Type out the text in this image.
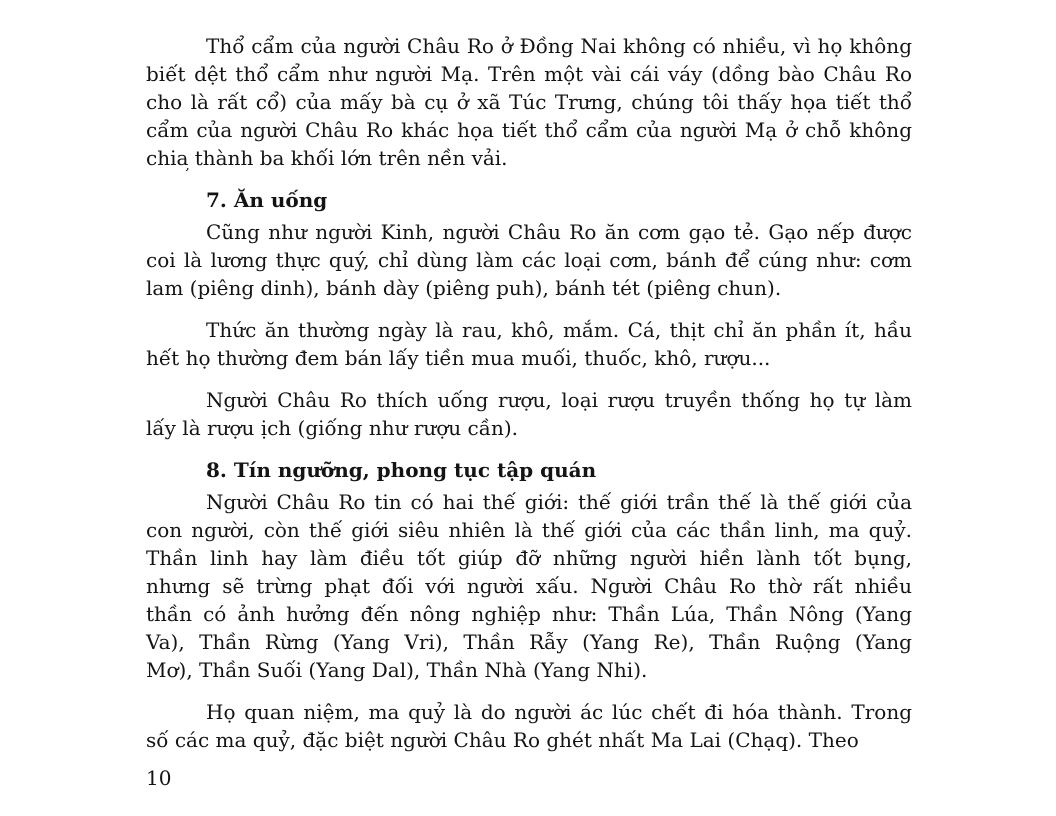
’
Thổ cẩm của người Châu Ro ở Đồng Nai không có nhiều, vì họ không
biết dệt thổ cẩm như người Mạ. Trên một vài cái váy (dồng bào Châu Ro
cho là rất cổ) của mấy bà cụ ở xã Túc Trưng, chúng tôi thấy họa tiết thổ
cẩm của người Châu Ro khác họa tiết thổ cẩm của người Mạ ở chỗ không
chia thành ba khối lớn trên nền vải.
7. Ăn uống
Cũng như người Kinh, người Châu Ro ăn cơm gạo tẻ. Gạo nếp được
coi là lương thực quý, chỉ dùng làm các loại cơm, bánh để cúng như: cơm
lam (piêng dinh), bánh dày (piêng puh), bánh tét (piêng chun).
Thức ăn thường ngày là rau, khô, mắm. Cá, thịt chỉ ăn phần ít, hầu
hết họ thường đem bán lấy tiền mua muối, thuốc, khô, rượu...
Người Châu Ro thích uống rượu, loại rượu truyền thống họ tự làm
lấy là rượu ịch (giống như rượu cần).
8. Tín ngưỡng, phong tục tập quán
Người Châu Ro tin có hai thế giới: thế giới trần thế là thế giới của
con người, còn thế giới siêu nhiên là thế giới của các thần linh, ma quỷ.
Thần linh hay làm điều tốt giúp đỡ những người hiền lành tốt bụng,
nhưng sẽ trừng phạt đối với người xấu. Người Châu Ro thờ rất nhiều
thần có ảnh hưởng đến nông nghiệp như: Thần Lúa, Thần Nông (Yang
Va), Thần Rừng (Yang Vri), Thần Rẫy (Yang Re), Thần Ruộng (Yang
Mơ), Thần Suối (Yang Dal), Thần Nhà (Yang Nhi).
Họ quan niệm, ma quỷ là do người ác lúc chết đi hóa thành. Trong
số các ma quỷ, đặc biệt người Châu Ro ghét nhất Ma Lai (Chạq). Theo
10
